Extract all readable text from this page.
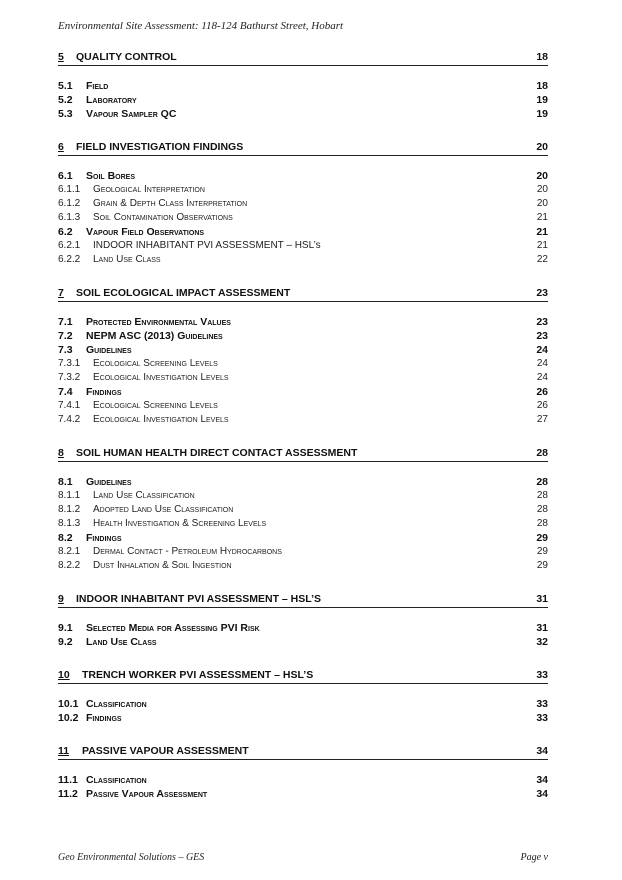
Environmental Site Assessment: 118-124 Bathurst Street, Hobart
5	QUALITY CONTROL	18
5.1	Field	18
5.2	Laboratory	19
5.3	Vapour Sampler QC	19
6	FIELD INVESTIGATION FINDINGS	20
6.1	Soil Bores	20
6.1.1	Geological Interpretation	20
6.1.2	Grain & Depth Class Interpretation	20
6.1.3	Soil Contamination Observations	21
6.2	Vapour Field Observations	21
6.2.1	INDOOR INHABITANT PVI ASSESSMENT – HSL’s	21
6.2.2	Land Use Class	22
7	SOIL ECOLOGICAL IMPACT ASSESSMENT	23
7.1	Protected Environmental Values	23
7.2	NEPM ASC (2013) Guidelines	23
7.3	Guidelines	24
7.3.1	Ecological Screening Levels	24
7.3.2	Ecological Investigation Levels	24
7.4	Findings	26
7.4.1	Ecological Screening Levels	26
7.4.2	Ecological Investigation Levels	27
8	SOIL HUMAN HEALTH DIRECT CONTACT ASSESSMENT	28
8.1	Guidelines	28
8.1.1	Land Use Classification	28
8.1.2	Adopted Land Use Classification	28
8.1.3	Health Investigation & Screening Levels	28
8.2	Findings	29
8.2.1	Dermal Contact - Petroleum Hydrocarbons	29
8.2.2	Dust Inhalation & Soil Ingestion	29
9	INDOOR INHABITANT PVI ASSESSMENT – HSL’S	31
9.1	Selected Media for Assessing PVI Risk	31
9.2	Land Use Class	32
10	TRENCH WORKER PVI ASSESSMENT – HSL’S	33
10.1 Classification	33
10.2 Findings	33
11	PASSIVE VAPOUR ASSESSMENT	34
11.1 Classification	34
11.2 Passive Vapour Assessment	34
Geo Environmental Solutions – GES	Page v
